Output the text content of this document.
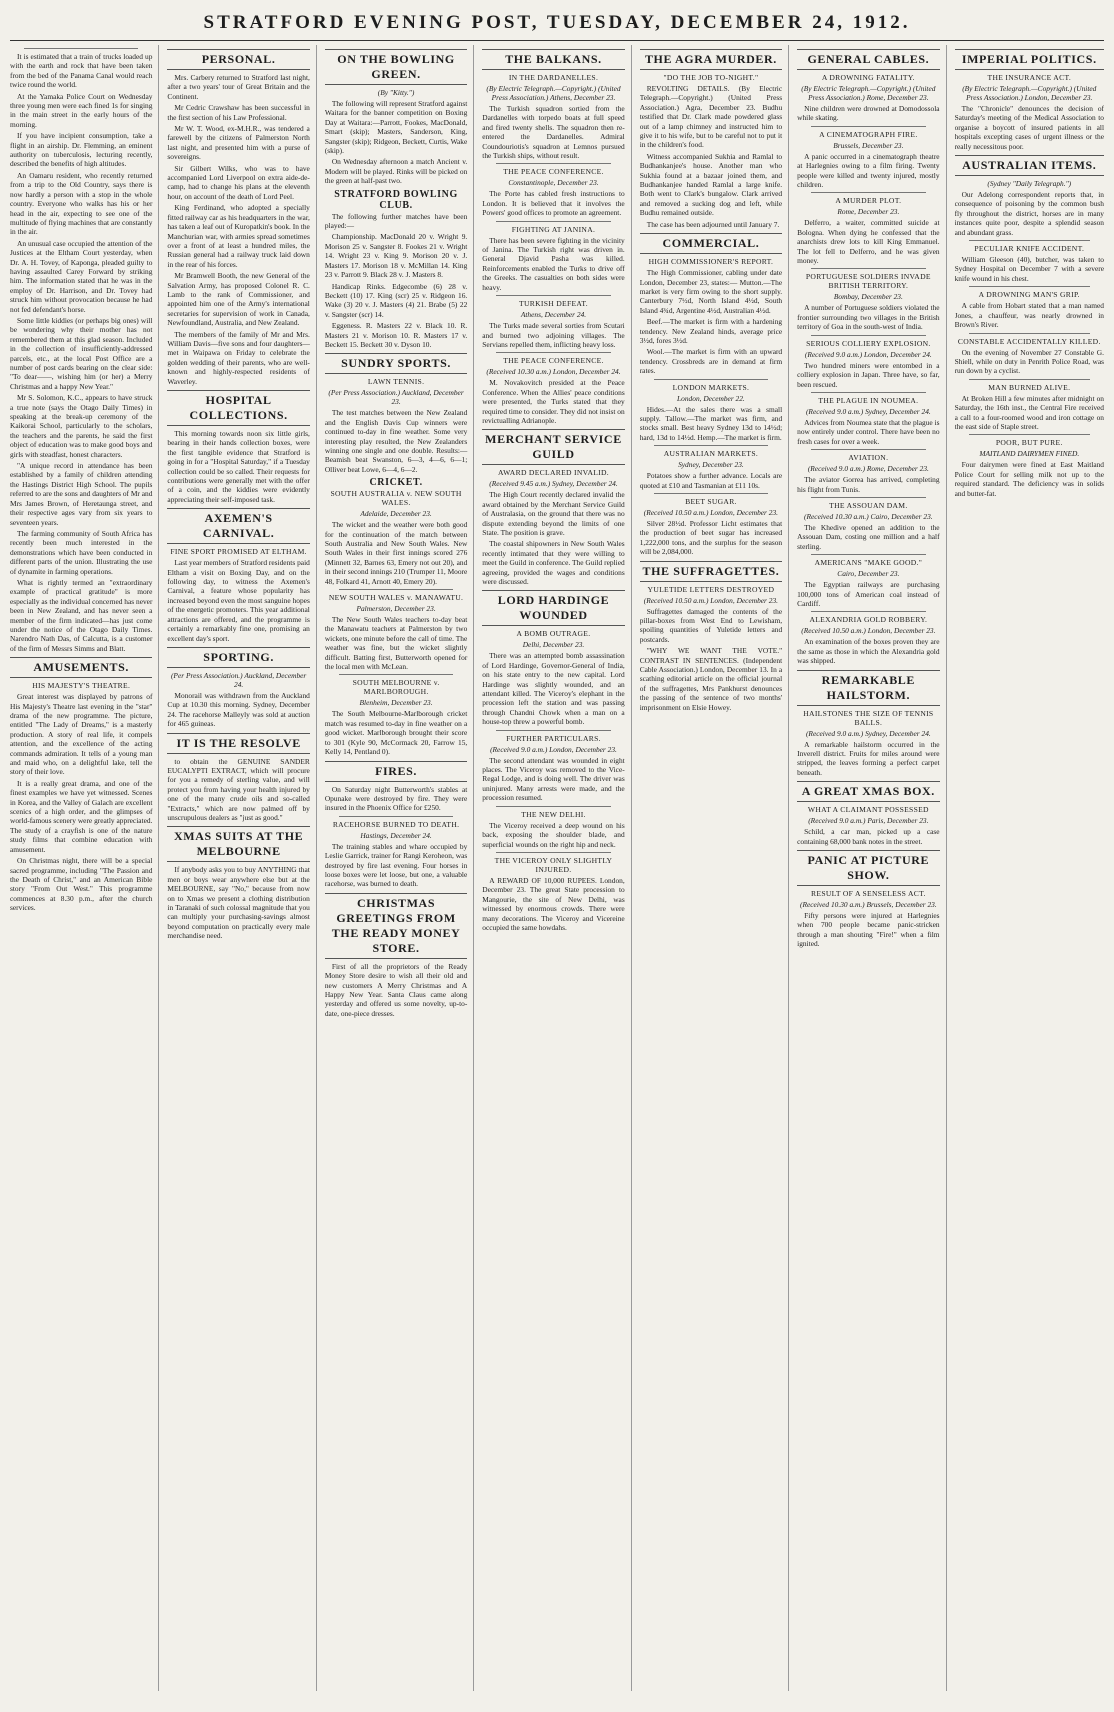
STRATFORD EVENING POST, TUESDAY, DECEMBER 24, 1912.

It is estimated that a train of trucks loaded up with the earth and rock that have been taken from the bed of the Panama Canal would reach twice round the world.

At the Yamaka Police Court on Wednesday three young men were each fined 1s for singing in the main street in the early hours of the morning.

If you have incipient consumption, take a flight in an airship. Dr. Flemming, an eminent authority on tuberculosis, lecturing recently, described the benefits of high altitudes.

An Oamaru resident, who recently returned from a trip to the Old Country, says there is now hardly a person with a stop in the whole country. Everyone who walks has his or her head in the air, expecting to see one of the multitude of flying machines that are constantly in the air.

An unusual case occupied the attention of the Justices at the Eltham Court yesterday, when Dr. A. H. Tovey, of Kaponga, pleaded guilty to having assaulted Carey Forward by striking him. The information stated that he was in the employ of Dr. Harrison, and Dr. Tovey had struck him without provocation because he had not fed defendant's horse.

Some little kiddies (or perhaps big ones) will be wondering why their mother has not remembered them at this glad season. Included in the collection of insufficiently-addressed parcels, etc., at the local Post Office are a number of post cards bearing on the clear side: "To dear——, wishing him (or her) a Merry Christmas and a happy New Year."

Mr S. Solomon, K.C., appears to have struck a true note (says the Otago Daily Times) in speaking at the break-up ceremony of the Kaikorai School, particularly to the scholars, the teachers and the parents, he said the first object of education was to make good boys and girls with steadfast, honest characters.

"A unique record in attendance has been established by a family of children attending the Hastings District High School. The pupils referred to are the sons and daughters of Mr and Mrs James Brown, of Heretaunga street, and their respective ages vary from six years to seventeen years.

The farming community of South Africa has recently been much interested in the demonstrations which have been conducted in different parts of the union. Illustrating the use of dynamite in farming operations.

What is rightly termed an "extraordinary example of practical gratitude" is more especially as the individual concerned has never been in New Zealand, and has never seen a member of the firm indicated—has just come under the notice of the Otago Daily Times. Narendro Nath Das, of Calcutta, is a customer of the firm of Messrs Simms and Blatt.

AMUSEMENTS.
HIS MAJESTY'S THEATRE.

Great interest was displayed by patrons of His Majesty's Theatre last evening in the "star" drama of the new programme. The picture, entitled "The Lady of Dreams," is a masterly production. A story of real life, it compels attention, and the excellence of the acting commands admiration. It tells of a young man and maid who, on a delightful lake, tell the story of their love.

It is a really great drama, and one of the finest examples we have yet witnessed. Scenes in Korea, and the Valley of Galach are excellent scenics of a high order, and the glimpses of world-famous scenery were greatly appreciated. The study of a crayfish is one of the nature study films that combine education with amusement.

On Christmas night, there will be a special sacred programme, including "The Passion and the Death of Christ," and an American Bible story "From Out West." This programme commences at 8.30 p.m., after the church services.

PERSONAL.

Mrs. Carbery returned to Stratford last night, after a two years' tour of Great Britain and the Continent.

Mr Cedric Crawshaw has been successful in the first section of his Law Professional.

Mr W. T. Wood, ex-M.H.R., was tendered a farewell by the citizens of Palmerston North last night, and presented him with a purse of sovereigns.

Sir Gilbert Wilks, who was to have accompanied Lord Liverpool on extra aide-de-camp, had to change his plans at the eleventh hour, on account of the death of Lord Peel.

King Ferdinand, who adopted a specially fitted railway car as his headquarters in the war, has taken a leaf out of Kuropatkin's book. In the Manchurian war, with armies spread sometimes over a front of at least a hundred miles, the Russian general had a railway truck laid down in the rear of his forces.

Mr Bramwell Booth, the new General of the Salvation Army, has proposed Colonel R. C. Lamb to the rank of Commissioner, and appointed him one of the Army's international secretaries for supervision of work in Canada, Newfoundland, Australia, and New Zealand.

The members of the family of Mr and Mrs. William Davis—five sons and four daughters—met in Waipawa on Friday to celebrate the golden wedding of their parents, who are well-known and highly-respected residents of Waverley.

HOSPITAL COLLECTIONS.

This morning towards noon six little girls, bearing in their hands collection boxes, were the first tangible evidence that Stratford is going in for a "Hospital Saturday," if a Tuesday collection could be so called. Their requests for contributions were generally met with the offer of a coin, and the kiddies were evidently appreciating their self-imposed task.

AXEMEN'S CARNIVAL.
FINE SPORT PROMISED AT ELTHAM.

Last year members of Stratford residents paid Eltham a visit on Boxing Day, and on the following day, to witness the Axemen's Carnival, a feature whose popularity has increased beyond even the most sanguine hopes of the energetic promoters. This year additional attractions are offered, and the programme is certainly a remarkably fine one, promising an excellent day's sport.

SPORTING.
(Per Press Association.) Auckland, December 24.

Monorail was withdrawn from the Auckland Cup at 10.30 this morning. Sydney, December 24. The racehorse Malleyly was sold at auction for 465 guineas.

IT IS THE RESOLVE

to obtain the GENUINE SANDER EUCALYPTI EXTRACT, which will procure for you a remedy of sterling value, and will protect you from having your health injured by one of the many crude oils and so-called "Extracts," which are now palmed off by unscrupulous dealers as "just as good."

XMAS SUITS AT THE MELBOURNE

If anybody asks you to buy ANYTHING that men or boys wear anywhere else but at the MELBOURNE, say "No," because from now on to Xmas we present a clothing distribution in Taranaki of such colossal magnitude that you can multiply your purchasing-savings almost beyond computation on practically every male merchandise need.

ON THE BOWLING GREEN.
(By "Kitty.")

The following will represent Stratford against Waitara for the banner competition on Boxing Day at Waitara:—Parrott, Fookes, MacDonald, Smart (skip); Masters, Sanderson, King, Sangster (skip); Ridgeon, Beckett, Curtis, Wake (skip).

On Wednesday afternoon a match Ancient v. Modern will be played. Rinks will be picked on the green at half-past two.

STRATFORD BOWLING CLUB.

The following further matches have been played:—

Championship. MacDonald 20 v. Wright 9. Morison 25 v. Sangster 8. Fookes 21 v. Wright 14. Wright 23 v. King 9. Morison 20 v. J. Masters 17. Morison 18 v. McMillan 14. King 23 v. Parrott 9. Black 28 v. J. Masters 8.

Handicap Rinks. Edgecombe (6) 28 v. Beckett (10) 17. King (scr) 25 v. Ridgeon 16. Wake (3) 20 v. J. Masters (4) 21. Brabe (5) 22 v. Sangster (scr) 14.

Eggeness. R. Masters 22 v. Black 10. R. Masters 21 v. Morison 10. R. Masters 17 v. Beckett 15. Beckett 30 v. Dyson 10.

SUNDRY SPORTS.
LAWN TENNIS.
(Per Press Association.) Auckland, December 23.

The test matches between the New Zealand and the English Davis Cup winners were continued to-day in fine weather. Some very interesting play resulted, the New Zealanders winning one single and one double. Results:—Beamish beat Swanston, 6—3, 4—6, 6—1; Olliver beat Lowe, 6—4, 6—2.

CRICKET.
SOUTH AUSTRALIA v. NEW SOUTH WALES.
Adelaide, December 23.

The wicket and the weather were both good for the continuation of the match between South Australia and New South Wales. New South Wales in their first innings scored 276 (Minnett 32, Barnes 63, Emery not out 20), and in their second innings 210 (Trumper 11, Moore 48, Folkard 41, Arnott 40, Emery 20).

NEW SOUTH WALES v. MANAWATU.
Palmerston, December 23.

The New South Wales teachers to-day beat the Manawatu teachers at Palmerston by two wickets, one minute before the call of time. The weather was fine, but the wicket slightly difficult. Batting first, Butterworth opened for the local men with McLean.

SOUTH MELBOURNE v. MARLBOROUGH.
Blenheim, December 23.

The South Melbourne-Marlborough cricket match was resumed to-day in fine weather on a good wicket. Marlborough brought their score to 301 (Kyle 90, McCormack 20, Farrow 15, Kelly 14, Pentland 0).

FIRES.

On Saturday night Butterworth's stables at Opunake were destroyed by fire. They were insured in the Phoenix Office for £250.

RACEHORSE BURNED TO DEATH.
Hastings, December 24.

The training stables and whare occupied by Leslie Garrick, trainer for Rangi Keroheon, was destroyed by fire last evening. Four horses in loose boxes were let loose, but one, a valuable racehorse, was burned to death.

CHRISTMAS GREETINGS FROM THE READY MONEY STORE.

First of all the proprietors of the Ready Money Store desire to wish all their old and new customers A Merry Christmas and A Happy New Year. Santa Claus came along yesterday and offered us some novelty, up-to-date, one-piece dresses.

THE BALKANS.
IN THE DARDANELLES.
(By Electric Telegraph.—Copyright.) (United Press Association.) Athens, December 23.

The Turkish squadron sortied from the Dardanelles with torpedo boats at full speed and fired twenty shells. The squadron then re-entered the Dardanelles. Admiral Coundouriotis's squadron at Lemnos pursued the Turkish ships, without result.

THE PEACE CONFERENCE.
Constantinople, December 23.

The Porte has cabled fresh instructions to London. It is believed that it involves the Powers' good offices to promote an agreement.

FIGHTING AT JANINA.

There has been severe fighting in the vicinity of Janina. The Turkish right was driven in. General Djavid Pasha was killed. Reinforcements enabled the Turks to drive off the Greeks. The casualties on both sides were heavy.

TURKISH DEFEAT.
Athens, December 24.

The Turks made several sorties from Scutari and burned two adjoining villages. The Servians repelled them, inflicting heavy loss.

THE PEACE CONFERENCE.
(Received 10.30 a.m.) London, December 24.

M. Novakovitch presided at the Peace Conference. When the Allies' peace conditions were presented, the Turks stated that they required time to consider. They did not insist on revictualling Adrianople.

MERCHANT SERVICE GUILD
AWARD DECLARED INVALID.
(Received 9.45 a.m.) Sydney, December 24.

The High Court recently declared invalid the award obtained by the Merchant Service Guild of Australasia, on the ground that there was no dispute extending beyond the limits of one State. The position is grave.

The coastal shipowners in New South Wales recently intimated that they were willing to meet the Guild in conference. The Guild replied agreeing, provided the wages and conditions were discussed.

LORD HARDINGE WOUNDED
A BOMB OUTRAGE.
Delhi, December 23.

There was an attempted bomb assassination of Lord Hardinge, Governor-General of India, on his state entry to the new capital. Lord Hardinge was slightly wounded, and an attendant killed. The Viceroy's elephant in the procession left the station and was passing through Chandni Chowk when a man on a house-top threw a powerful bomb.

FURTHER PARTICULARS.
(Received 9.0 a.m.) London, December 23.

The second attendant was wounded in eight places. The Viceroy was removed to the Vice-Regal Lodge, and is doing well. The driver was uninjured. Many arrests were made, and the procession resumed.

THE NEW DELHI.

The Viceroy received a deep wound on his back, exposing the shoulder blade, and superficial wounds on the right hip and neck.

THE VICEROY ONLY SLIGHTLY INJURED.

A REWARD OF 10,000 RUPEES. London, December 23. The great State procession to Mangourie, the site of New Delhi, was witnessed by enormous crowds. There were many decorations. The Viceroy and Vicereine occupied the same howdahs.

THE AGRA MURDER.
"DO THE JOB TO-NIGHT."

REVOLTING DETAILS. (By Electric Telegraph.—Copyright.) (United Press Association.) Agra, December 23. Budhu testified that Dr. Clark made powdered glass out of a lamp chimney and instructed him to give it to his wife, but to be careful not to put it in the children's food.

Witness accompanied Sukhia and Ramlal to Budhankanjee's house. Another man who Sukhia found at a bazaar joined them, and Budhankanjee handed Ramlal a large knife. Both went to Clark's bungalow. Clark arrived and removed a sucking dog and left, while Budhu remained outside.

The case has been adjourned until January 7.

COMMERCIAL.
HIGH COMMISSIONER'S REPORT.

The High Commissioner, cabling under date London, December 23, states:— Mutton.—The market is very firm owing to the short supply. Canterbury 7½d, North Island 4½d, South Island 4¾d, Argentine 4½d, Australian 4½d.

Beef.—The market is firm with a hardening tendency. New Zealand hinds, average price 3½d, fores 3½d.

Wool.—The market is firm with an upward tendency. Crossbreds are in demand at firm rates.

LONDON MARKETS.
London, December 22.

Hides.—At the sales there was a small supply. Tallow.—The market was firm, and stocks small. Best heavy Sydney 13d to 14½d; hard, 13d to 14½d. Hemp.—The market is firm.

AUSTRALIAN MARKETS.
Sydney, December 23.

Potatoes show a further advance. Locals are quoted at £10 and Tasmanian at £11 10s.

BEET SUGAR.
(Received 10.50 a.m.) London, December 23.

Silver 28½d. Professor Licht estimates that the production of beet sugar has increased 1,222,000 tons, and the surplus for the season will be 2,084,000.

THE SUFFRAGETTES.
YULETIDE LETTERS DESTROYED
(Received 10.50 a.m.) London, December 23.

Suffragettes damaged the contents of the pillar-boxes from West End to Lewisham, spoiling quantities of Yuletide letters and postcards.

"WHY WE WANT THE VOTE." CONTRAST IN SENTENCES. (Independent Cable Association.) London, December 13. In a scathing editorial article on the official journal of the suffragettes, Mrs Pankhurst denounces the passing of the sentence of two months' imprisonment on Elsie Howey.

GENERAL CABLES.
A DROWNING FATALITY.
(By Electric Telegraph.—Copyright.) (United Press Association.) Rome, December 23.

Nine children were drowned at Domodossola while skating.

A CINEMATOGRAPH FIRE.
Brussels, December 23.

A panic occurred in a cinematograph theatre at Harlegnies owing to a film firing. Twenty people were killed and twenty injured, mostly children.

A MURDER PLOT.
Rome, December 23.

Delferro, a waiter, committed suicide at Bologna. When dying he confessed that the anarchists drew lots to kill King Emmanuel. The lot fell to Delferro, and he was given money.

PORTUGUESE SOLDIERS INVADE BRITISH TERRITORY.
Bombay, December 23.

A number of Portuguese soldiers violated the frontier surrounding two villages in the British territory of Goa in the south-west of India.

SERIOUS COLLIERY EXPLOSION.
(Received 9.0 a.m.) London, December 24.

Two hundred miners were entombed in a colliery explosion in Japan. Three have, so far, been rescued.

THE PLAGUE IN NOUMEA.
(Received 9.0 a.m.) Sydney, December 24.

Advices from Noumea state that the plague is now entirely under control. There have been no fresh cases for over a week.

AVIATION.
(Received 9.0 a.m.) Rome, December 23.

The aviator Gorrea has arrived, completing his flight from Tunis.

THE ASSOUAN DAM.
(Received 10.30 a.m.) Cairo, December 23.

The Khedive opened an addition to the Assouan Dam, costing one million and a half sterling.

AMERICANS "MAKE GOOD."
Cairo, December 23.

The Egyptian railways are purchasing 100,000 tons of American coal instead of Cardiff.

ALEXANDRIA GOLD ROBBERY.
(Received 10.50 a.m.) London, December 23.

An examination of the boxes proven they are the same as those in which the Alexandria gold was shipped.

REMARKABLE HAILSTORM.
HAILSTONES THE SIZE OF TENNIS BALLS.
(Received 9.0 a.m.) Sydney, December 24.

A remarkable hailstorm occurred in the Inverell district. Fruits for miles around were stripped, the leaves forming a perfect carpet beneath.

A GREAT XMAS BOX.
WHAT A CLAIMANT POSSESSED
(Received 9.0 a.m.) Paris, December 23.

Schild, a car man, picked up a case containing 68,000 bank notes in the street.

PANIC AT PICTURE SHOW.
RESULT OF A SENSELESS ACT.
(Received 10.30 a.m.) Brussels, December 23.

Fifty persons were injured at Harlegnies when 700 people became panic-stricken through a man shouting "Fire!" when a film ignited.

IMPERIAL POLITICS.
THE INSURANCE ACT.
(By Electric Telegraph.—Copyright.) (United Press Association.) London, December 23.

The "Chronicle" denounces the decision of Saturday's meeting of the Medical Association to organise a boycott of insured patients in all hospitals excepting cases of urgent illness or the really necessitous poor.

AUSTRALIAN ITEMS.
(Sydney "Daily Telegraph.")

Our Adelong correspondent reports that, in consequence of poisoning by the common bush fly throughout the district, horses are in many instances quite poor, despite a splendid season and abundant grass.

PECULIAR KNIFE ACCIDENT.

William Gleeson (40), butcher, was taken to Sydney Hospital on December 7 with a severe knife wound in his chest.

A DROWNING MAN'S GRIP.

A cable from Hobart stated that a man named Jones, a chauffeur, was nearly drowned in Brown's River.

CONSTABLE ACCIDENTALLY KILLED.

On the evening of November 27 Constable G. Shiell, while on duty in Penrith Police Road, was run down by a cyclist.

MAN BURNED ALIVE.

At Broken Hill a few minutes after midnight on Saturday, the 16th inst., the Central Fire received a call to a four-roomed wood and iron cottage on the east side of Staple street.

POOR, BUT PURE.
MAITLAND DAIRYMEN FINED.

Four dairymen were fined at East Maitland Police Court for selling milk not up to the required standard. The deficiency was in solids and butter-fat.
